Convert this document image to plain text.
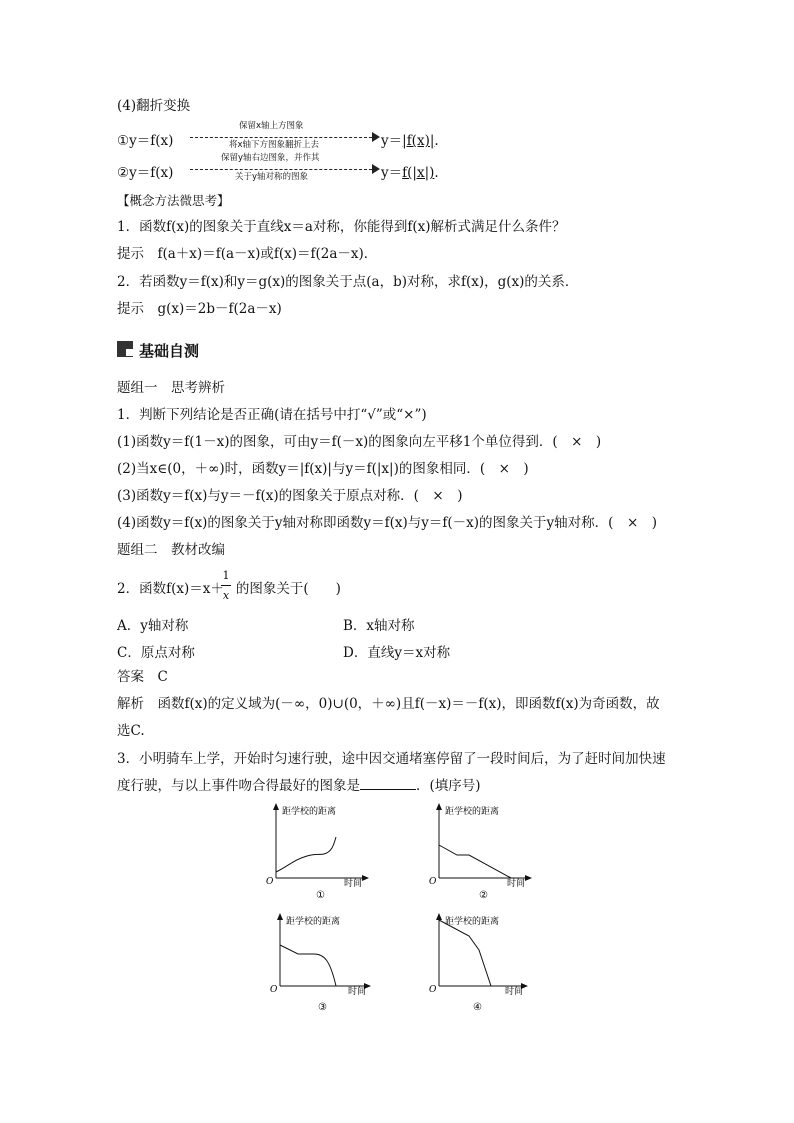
(4)翻折变换
①y＝f(x)
保留x轴上方图象
将x轴下方图象翻折上去	y＝|f(x)|.
②y＝f(x)
保留y轴右边图象，并作其
关于y轴对称的图象	y＝f(|x|).
【概念方法微思考】
1．函数f(x)的图象关于直线x＝a对称，你能得到f(x)解析式满足什么条件？
提示　f(a＋x)＝f(a－x)或f(x)＝f(2a－x)．
2．若函数y＝f(x)和y＝g(x)的图象关于点(a，b)对称，求f(x)，g(x)的关系．
提示　g(x)＝2b－f(2a－x)
基础自测
题组一　思考辨析
1．判断下列结论是否正确(请在括号中打“√”或“×”)
(1)函数y＝f(1－x)的图象，可由y＝f(－x)的图象向左平移1个单位得到．(　×　)
(2)当x∈(0，＋∞)时，函数y＝|f(x)|与y＝f(|x|)的图象相同．(　×　)
(3)函数y＝f(x)与y＝－f(x)的图象关于原点对称．(　×　)
(4)函数y＝f(x)的图象关于y轴对称即函数y＝f(x)与y＝f(－x)的图象关于y轴对称．(　×　)
题组二　教材改编
2．函数f(x)＝x＋ 的图象关于(　　)
1
x
A．y轴对称	B．x轴对称
C．原点对称	D．直线y＝x对称
答案　C
解析　函数f(x)的定义域为(－∞，0)∪(0，＋∞)且f(－x)＝－f(x)，即函数f(x)为奇函数，故
选C.
3．小明骑车上学，开始时匀速行驶，途中因交通堵塞停留了一段时间后，为了赶时间加快速
度行驶，与以上事件吻合得最好的图象是	．(填序号)
距学校的距离
O	时间
①
距学校的距离
O	时间
②
距学校的距离
O	时间
③
距学校的距离
O	时间
④
